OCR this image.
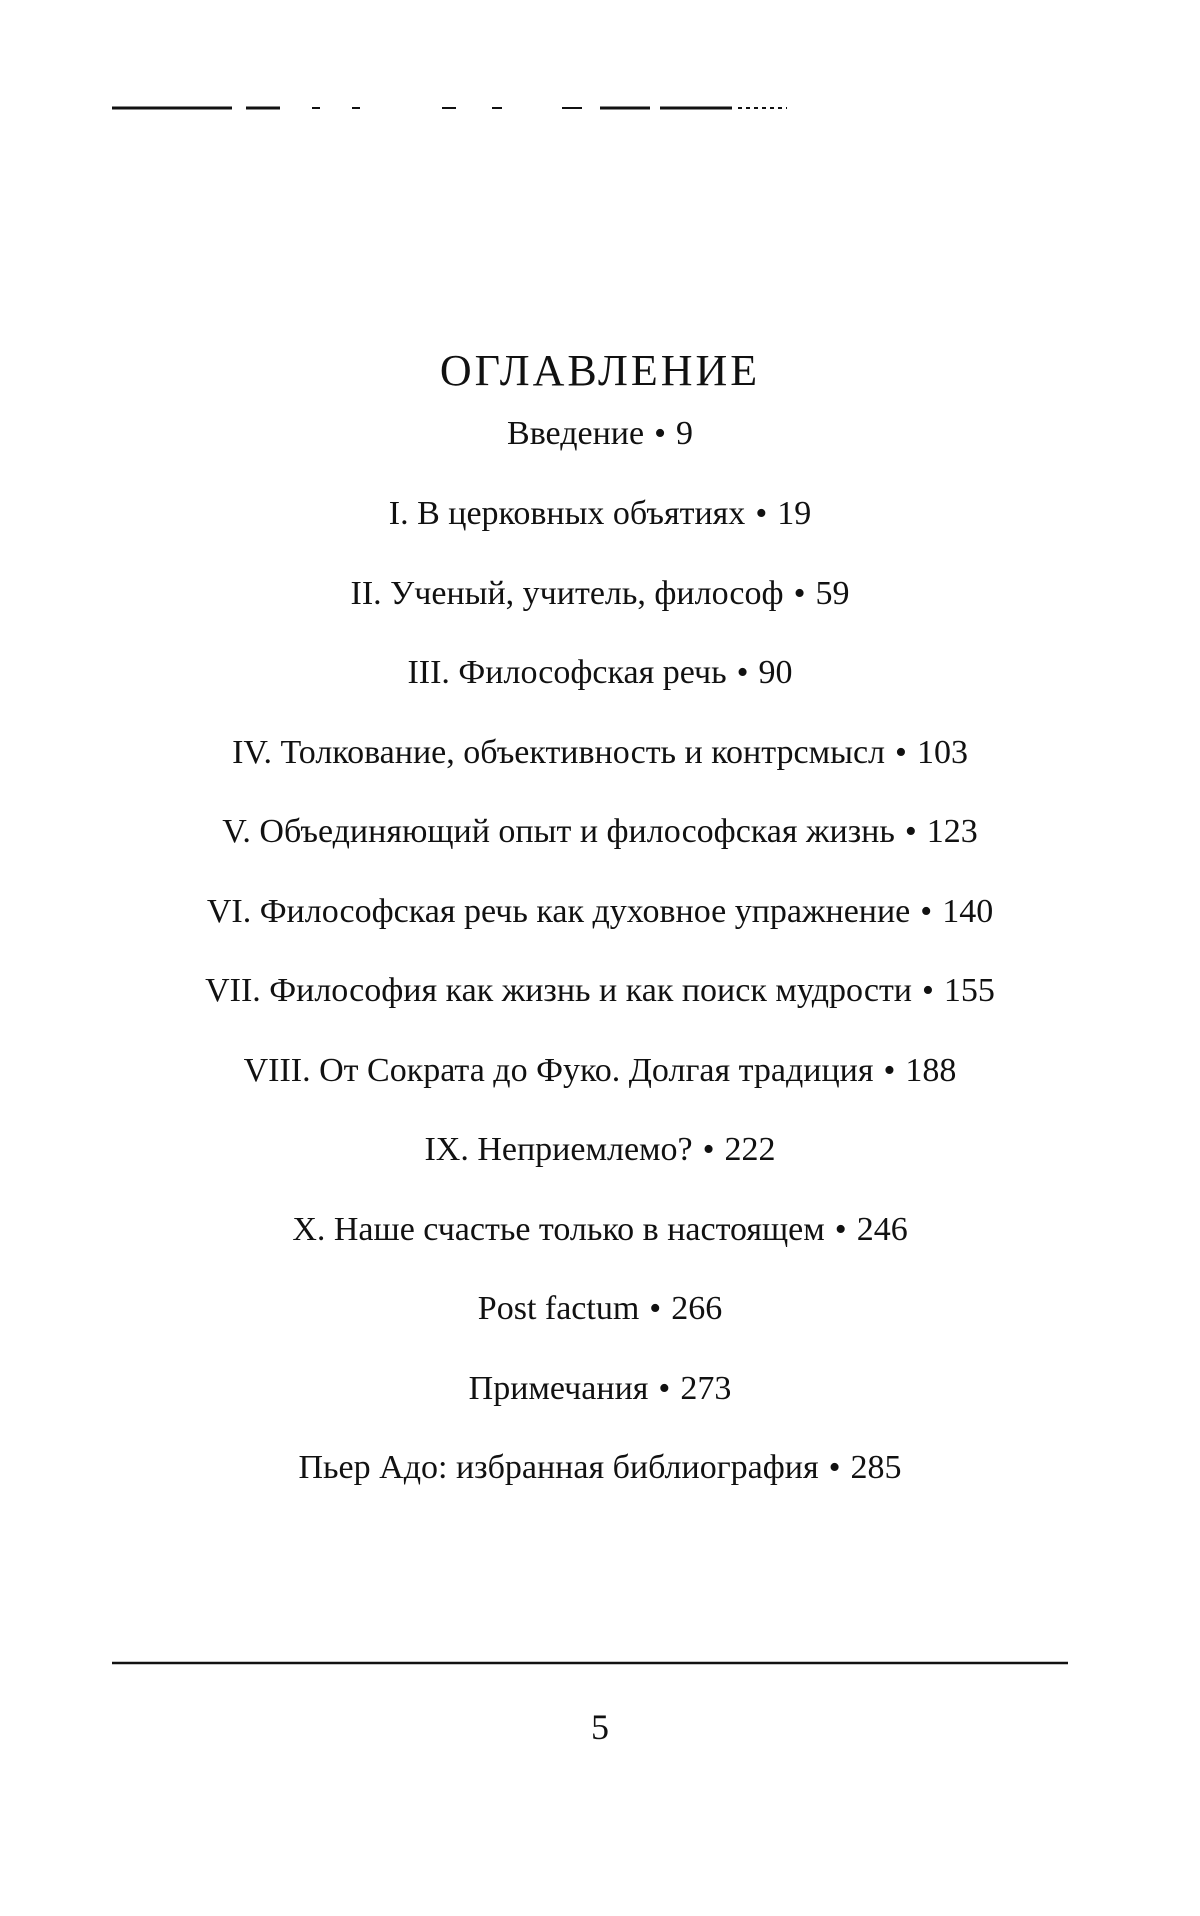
ОГЛАВЛЕНИЕ
Введение • 9
I. В церковных объятиях • 19
II. Ученый, учитель, философ • 59
III. Философская речь • 90
IV. Толкование, объективность и контрсмысл • 103
V. Объединяющий опыт и философская жизнь • 123
VI. Философская речь как духовное упражнение • 140
VII. Философия как жизнь и как поиск мудрости • 155
VIII. От Сократа до Фуко. Долгая традиция • 188
IX. Неприемлемо? • 222
X. Наше счастье только в настоящем • 246
Post factum • 266
Примечания • 273
Пьер Адо: избранная библиография • 285
5
